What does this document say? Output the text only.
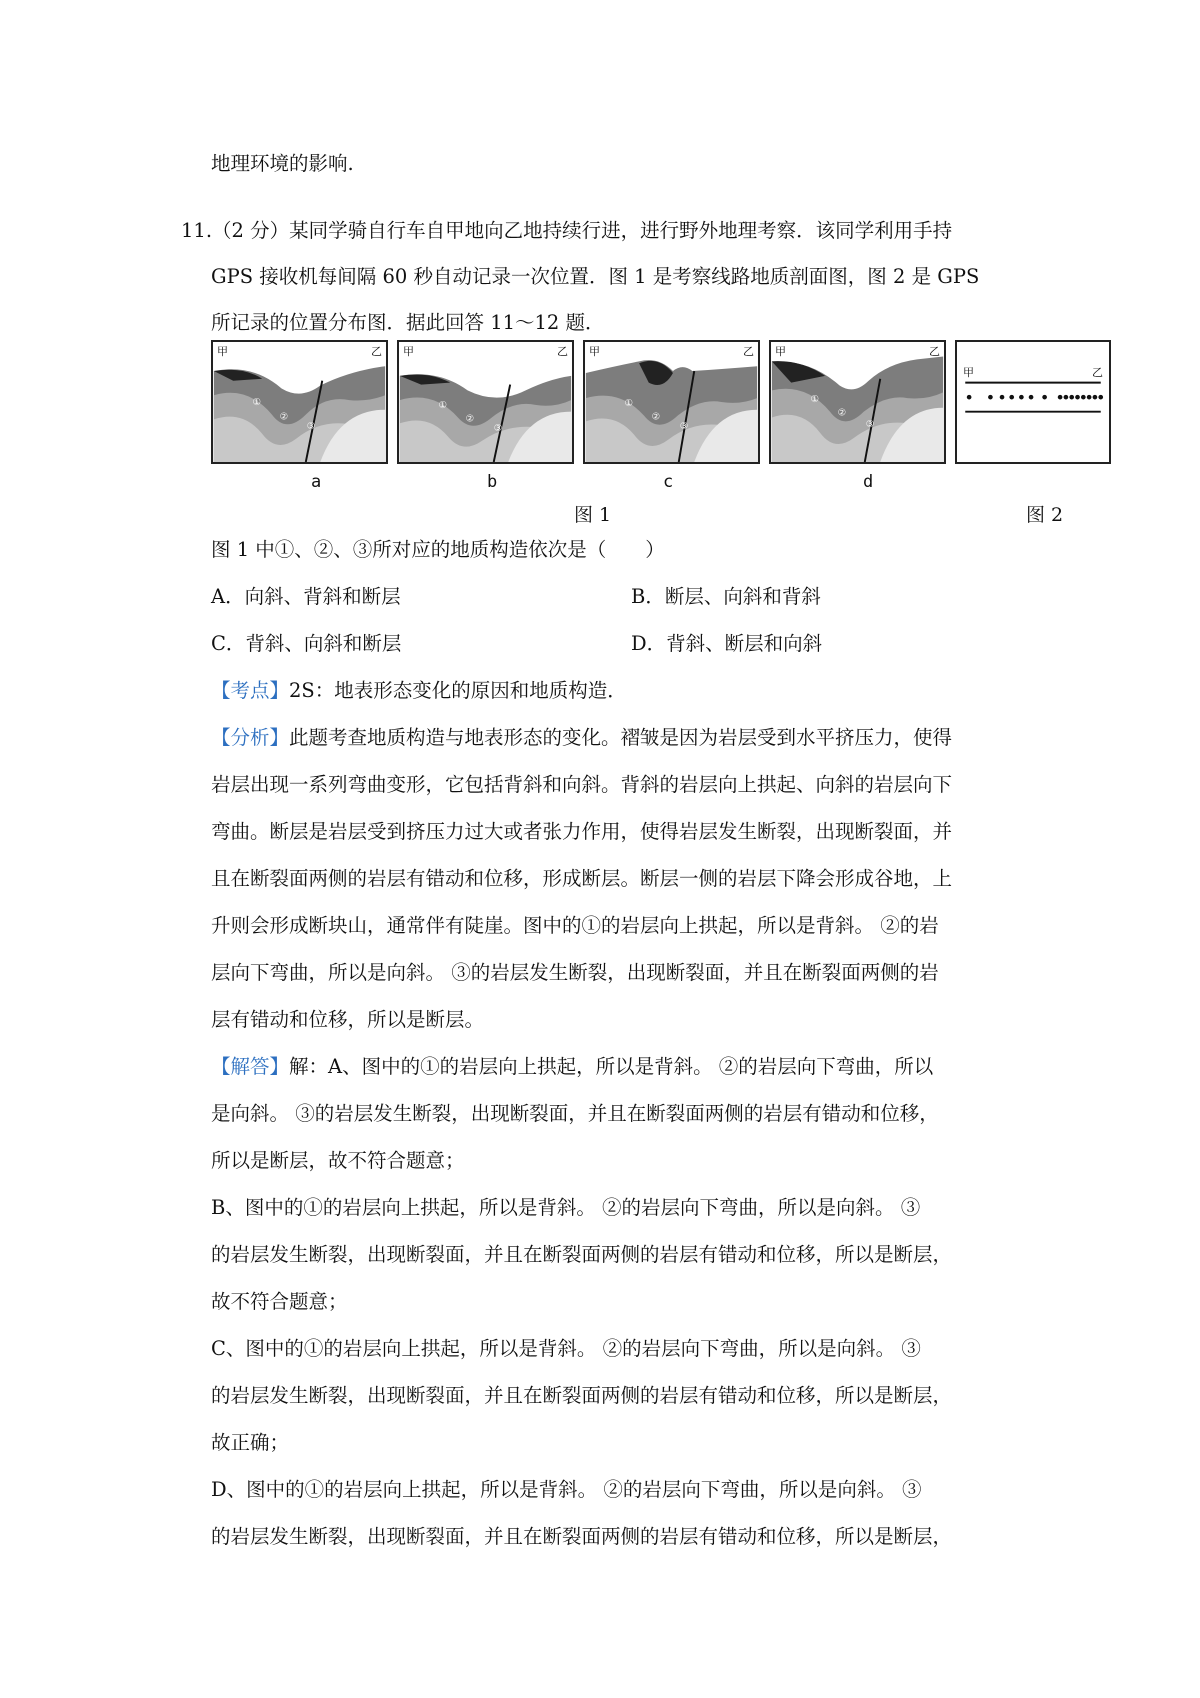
地理环境的影响.
11.（2 分）某同学骑自行车自甲地向乙地持续行进，进行野外地理考察．该同学利用手持
GPS 接收机每间隔 60 秒自动记录一次位置．图 1 是考察线路地质剖面图，图 2 是 GPS
所记录的位置分布图．据此回答 11～12 题．
①
②
③
甲	乙
①
②
③
甲	乙
①
②
③
甲	乙
①
②
③
甲	乙
甲	乙
a	b	c	d
图 1	图 2
图 1 中①、②、③所对应的地质构造依次是（　　）
A．向斜、背斜和断层	B．断层、向斜和背斜
C．背斜、向斜和断层	D．背斜、断层和向斜
【考点】2S：地表形态变化的原因和地质构造．
【分析】此题考查地质构造与地表形态的变化。褶皱是因为岩层受到水平挤压力，使得
岩层出现一系列弯曲变形，它包括背斜和向斜。背斜的岩层向上拱起、向斜的岩层向下
弯曲。断层是岩层受到挤压力过大或者张力作用，使得岩层发生断裂，出现断裂面，并
且在断裂面两侧的岩层有错动和位移，形成断层。断层一侧的岩层下降会形成谷地，上
升则会形成断块山，通常伴有陡崖。图中的①的岩层向上拱起，所以是背斜。 ②的岩
层向下弯曲，所以是向斜。 ③的岩层发生断裂，出现断裂面，并且在断裂面两侧的岩
层有错动和位移，所以是断层。
【解答】解：A、图中的①的岩层向上拱起，所以是背斜。 ②的岩层向下弯曲，所以
是向斜。 ③的岩层发生断裂，出现断裂面，并且在断裂面两侧的岩层有错动和位移，
所以是断层，故不符合题意；
B、图中的①的岩层向上拱起，所以是背斜。 ②的岩层向下弯曲，所以是向斜。 ③
的岩层发生断裂，出现断裂面，并且在断裂面两侧的岩层有错动和位移，所以是断层，
故不符合题意；
C、图中的①的岩层向上拱起，所以是背斜。 ②的岩层向下弯曲，所以是向斜。 ③
的岩层发生断裂，出现断裂面，并且在断裂面两侧的岩层有错动和位移，所以是断层，
故正确；
D、图中的①的岩层向上拱起，所以是背斜。 ②的岩层向下弯曲，所以是向斜。 ③
的岩层发生断裂，出现断裂面，并且在断裂面两侧的岩层有错动和位移，所以是断层，
